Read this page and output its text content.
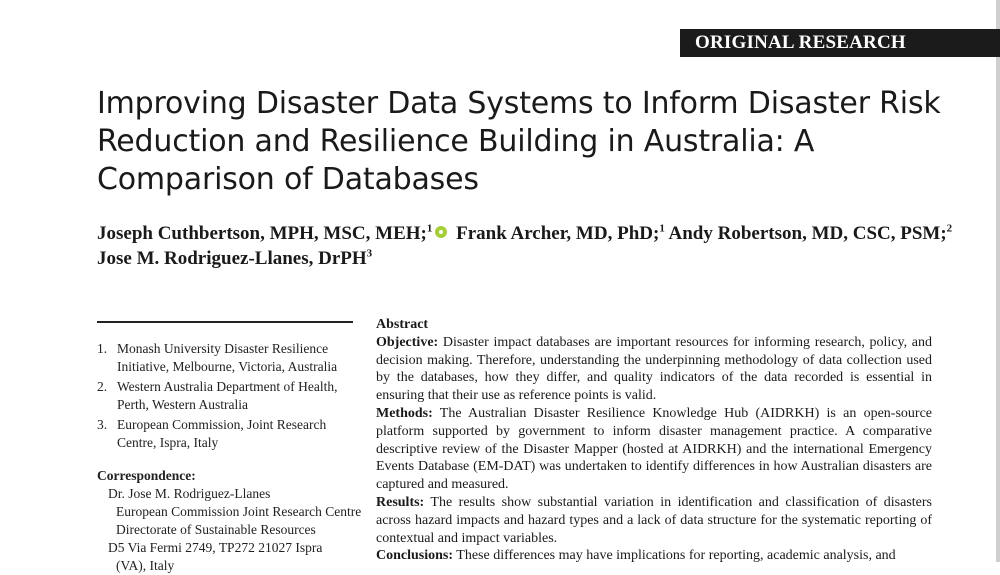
ORIGINAL RESEARCH
Improving Disaster Data Systems to Inform Disaster Risk Reduction and Resilience Building in Australia: A Comparison of Databases
Joseph Cuthbertson, MPH, MSC, MEH;$^1$ Frank Archer, MD, PhD;$^1$ Andy Robertson, MD, CSC, PSM;$^2$ Jose M. Rodriguez-Llanes, DrPH$^3$
1. Monash University Disaster Resilience Initiative, Melbourne, Victoria, Australia
2. Western Australia Department of Health, Perth, Western Australia
3. European Commission, Joint Research Centre, Ispra, Italy
Correspondence:
Dr. Jose M. Rodriguez-Llanes
European Commission Joint Research Centre
Directorate of Sustainable Resources
D5 Via Fermi 2749, TP272 21027 Ispra
(VA), Italy
Abstract

Objective: Disaster impact databases are important resources for informing research, policy, and decision making. Therefore, understanding the underpinning methodology of data collection used by the databases, how they differ, and quality indicators of the data recorded is essential in ensuring that their use as reference points is valid.

Methods: The Australian Disaster Resilience Knowledge Hub (AIDRKH) is an open-source platform supported by government to inform disaster management practice. A comparative descriptive review of the Disaster Mapper (hosted at AIDRKH) and the international Emergency Events Database (EM-DAT) was undertaken to identify differences in how Australian disasters are captured and measured.

Results: The results show substantial variation in identification and classification of disasters across hazard impacts and hazard types and a lack of data structure for the systematic reporting of contextual and impact variables.

Conclusions: These differences may have implications for reporting, academic analysis, and
